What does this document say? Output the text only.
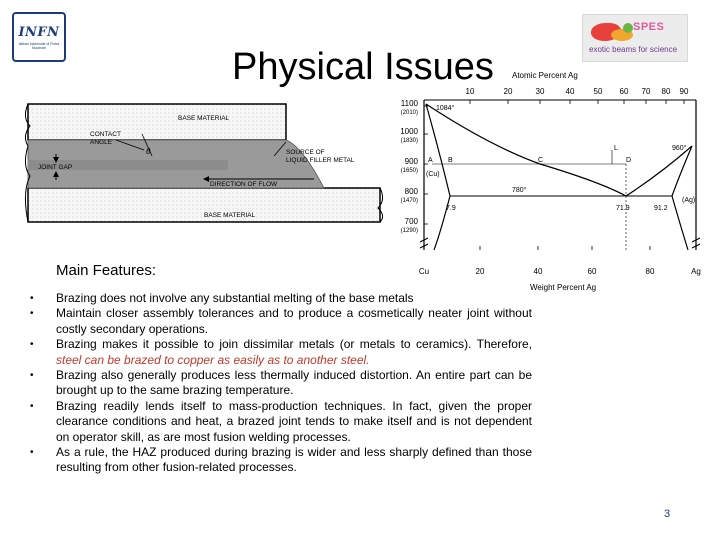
INFN
Istituto Nazionale di Fisica Nucleare
SPES
exotic beams for science
Physical Issues
BASE MATERIAL
CONTACT ANGLE
θ	SOURCE OF LIQUID FILLER METAL
JOINT GAP
DIRECTION OF FLOW
BASE MATERIAL
Atomic Percent Ag
10	20	30	40 50 60 70 80 90
1100
(2010)
1000
(1830)
900
(1650)
800
(1470)
700
(1290)
Cu	20	40	60	80	Ag
Weight Percent Ag
1084°
960°
780°
A B	C	D
L
(Cu)
(Ag)
7.9	71.9	91.2
Main Features:
• Brazing does not involve any substantial melting of the base metals
• Maintain closer assembly tolerances and to produce a cosmetically neater joint without costly secondary operations.
• Brazing makes it possible to join dissimilar metals (or metals to ceramics). Therefore, steel can be brazed to copper as easily as to another steel.
• Brazing also generally produces less thermally induced distortion. An entire part can be brought up to the same brazing temperature.
• Brazing readily lends itself to mass-production techniques. In fact, given the proper clearance conditions and heat, a brazed joint tends to make itself and is not dependent on operator skill, as are most fusion welding processes.
• As a rule, the HAZ produced during brazing is wider and less sharply defined than those resulting from other fusion-related processes.
3
